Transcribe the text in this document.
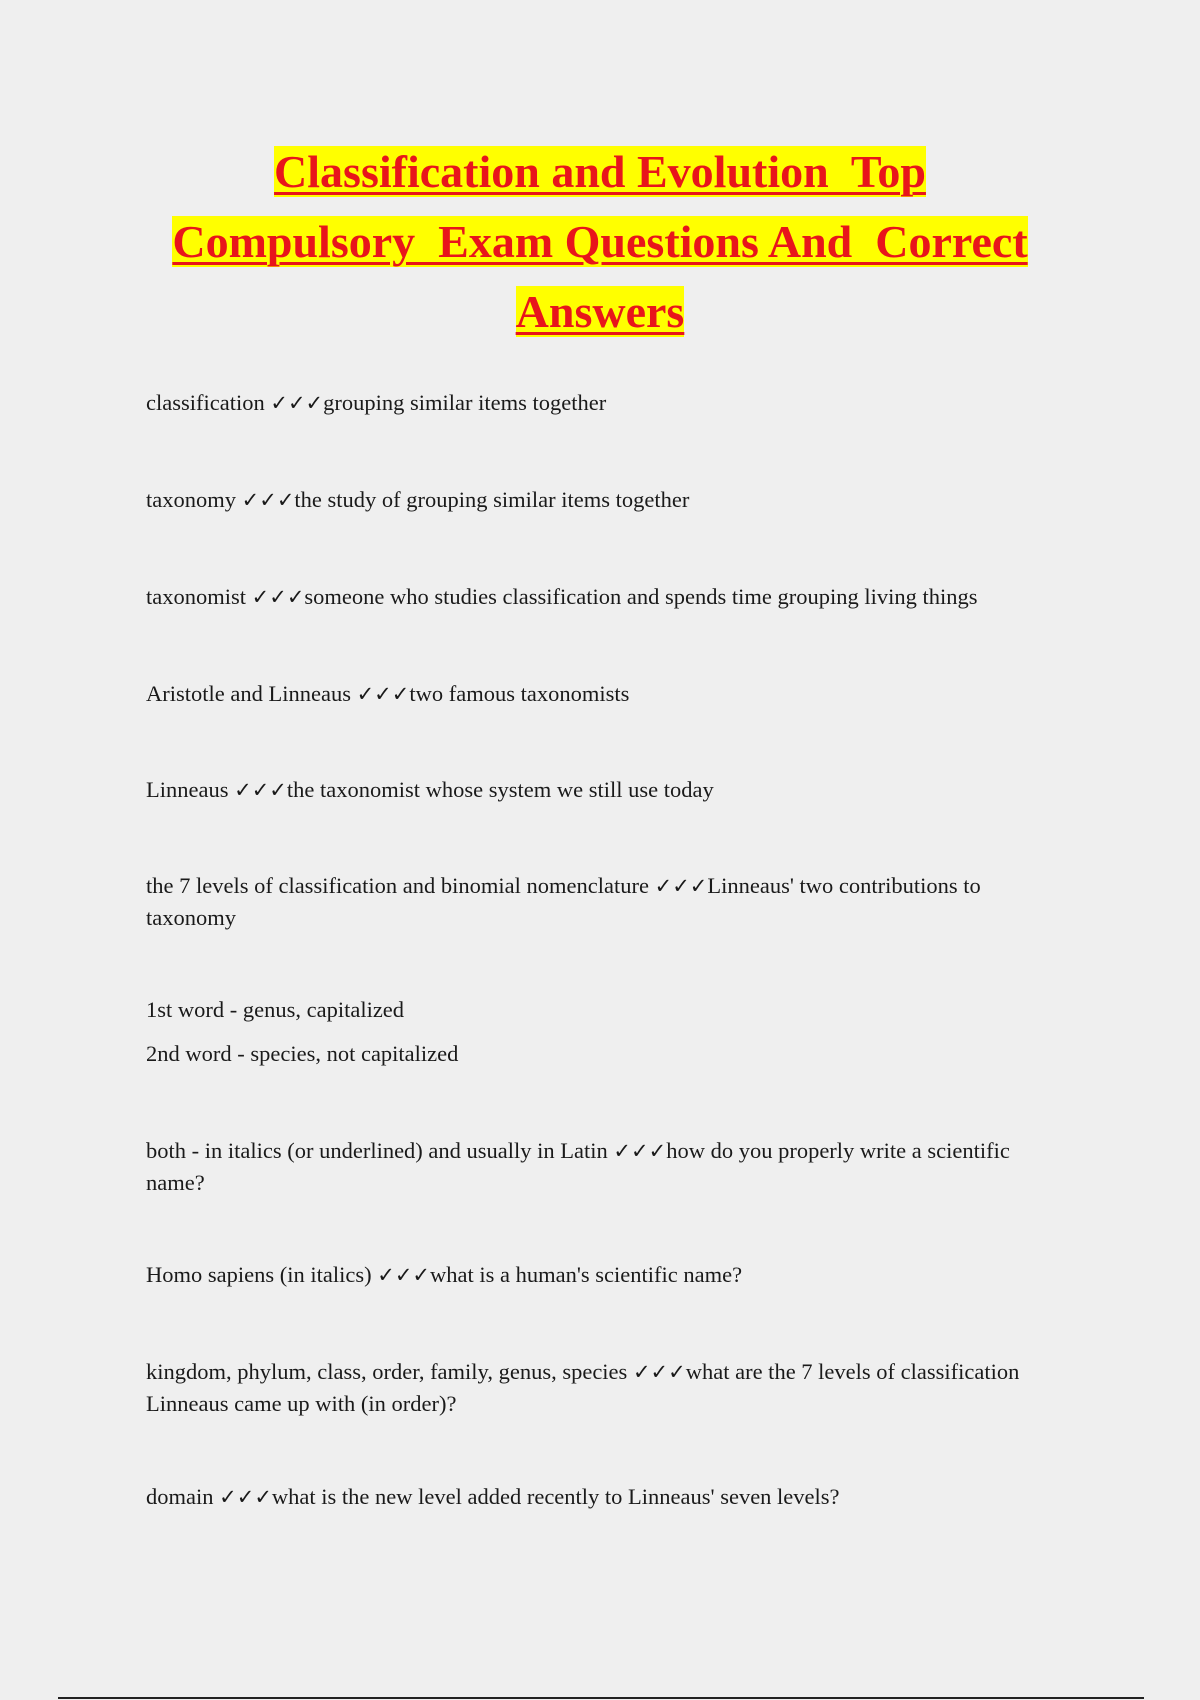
Classification and Evolution  Top
Compulsory  Exam Questions And  Correct
Answers

classification ✓✓✓grouping similar items together

taxonomy ✓✓✓the study of grouping similar items together

taxonomist ✓✓✓someone who studies classification and spends time grouping living things

Aristotle and Linneaus ✓✓✓two famous taxonomists

Linneaus ✓✓✓the taxonomist whose system we still use today

the 7 levels of classification and binomial nomenclature ✓✓✓Linneaus' two contributions to taxonomy

1st word - genus, capitalized

2nd word - species, not capitalized

both - in italics (or underlined) and usually in Latin ✓✓✓how do you properly write a scientific name?

Homo sapiens (in italics) ✓✓✓what is a human's scientific name?

kingdom, phylum, class, order, family, genus, species ✓✓✓what are the 7 levels of classification Linneaus came up with (in order)?

domain ✓✓✓what is the new level added recently to Linneaus' seven levels?
